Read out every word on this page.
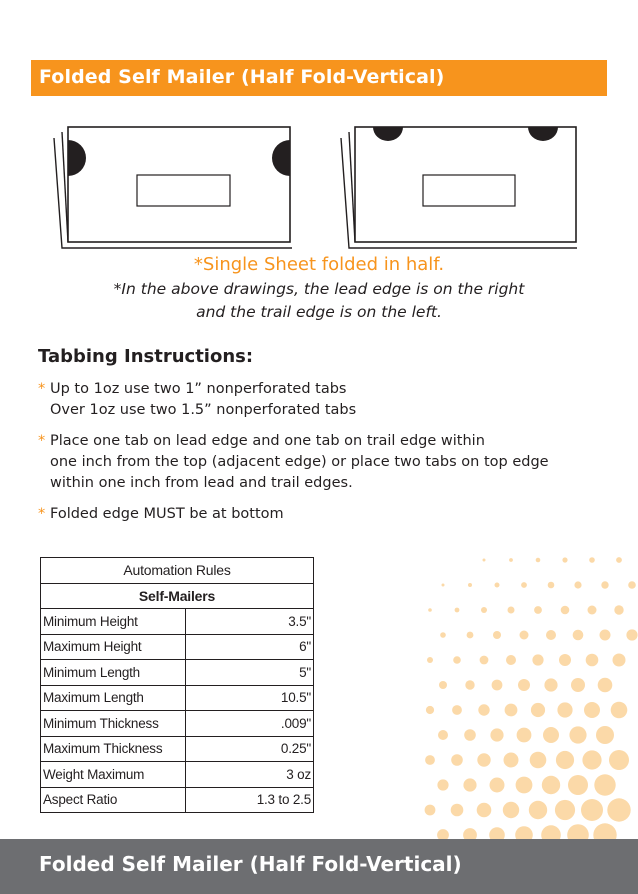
Folded Self Mailer (Half Fold-Vertical)
*Single Sheet folded in half.
*In the above drawings, the lead edge is on the right
and the trail edge is on the left.
Tabbing Instructions:
* Up to 1oz use two 1” nonperforated tabs
Over 1oz use two 1.5” nonperforated tabs
* Place one tab on lead edge and one tab on trail edge within
one inch from the top (adjacent edge) or place two tabs on top edge
within one inch from lead and trail edges.
* Folded edge MUST be at bottom
Automation Rules	
Self-Mailers	
Minimum Height	3.5"
Maximum Height	6"
Minimum Length	5"
Maximum Length	10.5"
Minimum Thickness	.009"
Maximum Thickness	0.25"
Weight Maximum	3 oz
Aspect Ratio	1.3 to 2.5
Folded Self Mailer (Half Fold-Vertical)
